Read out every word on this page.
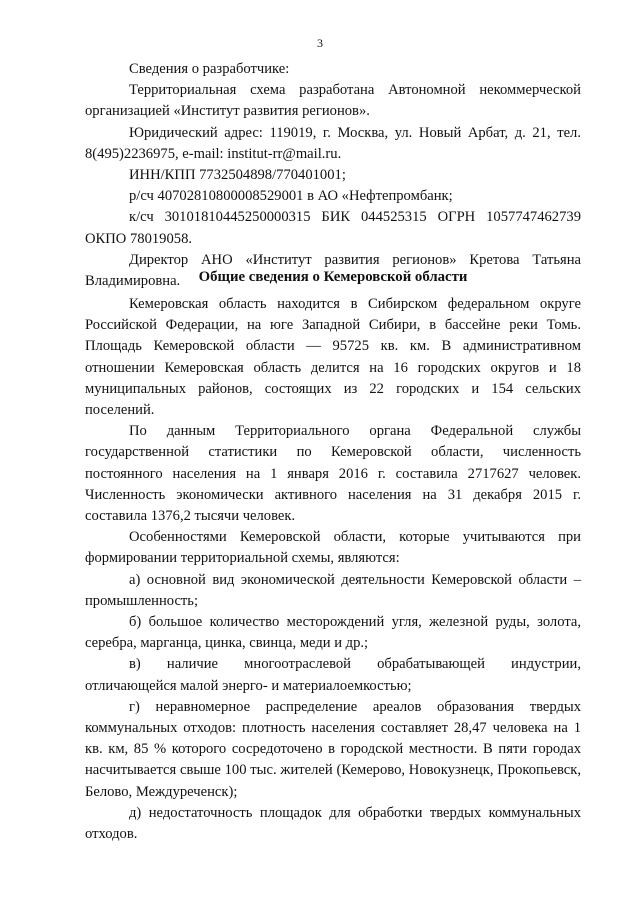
3

Сведения о разработчике:

Территориальная схема разработана Автономной некоммерческой организацией «Институт развития регионов».

Юридический адрес: 119019, г. Москва, ул. Новый Арбат, д. 21, тел. 8(495)2236975, e-mail: institut-rr@mail.ru.

ИНН/КПП 7732504898/770401001;

р/сч 40702810800008529001 в АО «Нефтепромбанк;

к/сч 30101810445250000315 БИК 044525315 ОГРН 1057747462739 ОКПО 78019058.

Директор АНО «Институт развития регионов» Кретова Татьяна Владимировна.	Общие сведения о Кемеровской области

Кемеровская область находится в Сибирском федеральном округе Российской Федерации, на юге Западной Сибири, в бассейне реки Томь. Площадь Кемеровской области — 95725 кв. км. В административном отношении Кемеровская область делится на 16 городских округов и 18 муниципальных районов, состоящих из 22 городских и 154 сельских поселений.

По данным Территориального органа Федеральной службы государственной статистики по Кемеровской области, численность постоянного населения на 1 января 2016 г. составила 2717627 человек. Численность экономически активного населения на 31 декабря 2015 г. составила 1376,2 тысячи человек.

Особенностями Кемеровской области, которые учитываются при формировании территориальной схемы, являются:

а) основной вид экономической деятельности Кемеровской области – промышленность;

б) большое количество месторождений угля, железной руды, золота, серебра, марганца, цинка, свинца, меди и др.;

в) наличие многоотраслевой обрабатывающей индустрии, отличающейся малой энерго- и материалоемкостью;

г) неравномерное распределение ареалов образования твердых коммунальных отходов: плотность населения составляет 28,47 человека на 1 кв. км, 85 % которого сосредоточено в городской местности. В пяти городах насчитывается свыше 100 тыс. жителей (Кемерово, Новокузнецк, Прокопьевск, Белово, Междуреченск);

д) недостаточность площадок для обработки твердых коммунальных отходов.
